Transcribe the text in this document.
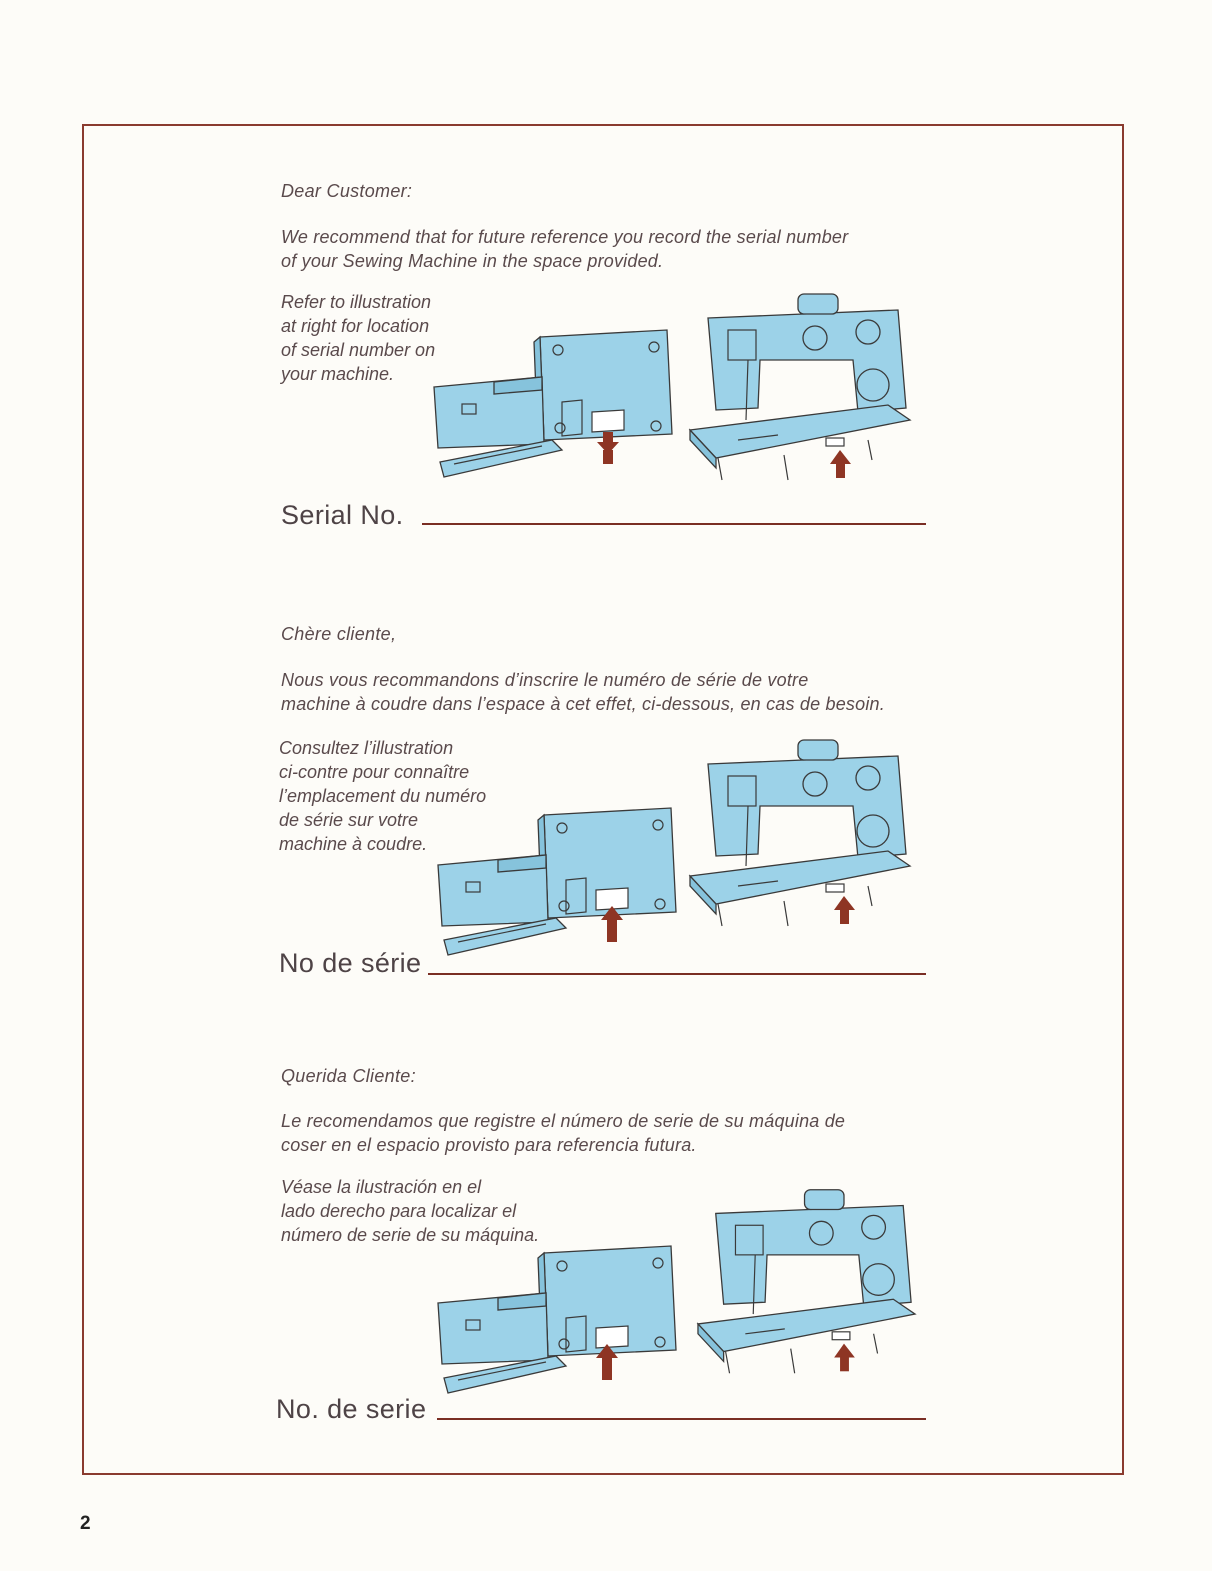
Dear Customer:
We recommend that for future reference you record the serial number
of your Sewing Machine in the space provided.
Refer to illustration
at right for location
of serial number on
your machine.
Serial No.
Chère cliente,
Nous vous recommandons d’inscrire le numéro de série de votre
machine à coudre dans l’espace à cet effet, ci-dessous, en cas de besoin.
Consultez l’illustration
ci-contre pour connaître
l’emplacement du numéro
de série sur votre
machine à coudre.
No de série
Querida Cliente:
Le recomendamos que registre el número de serie de su máquina de
coser en el espacio provisto para referencia futura.
Véase la ilustración en el
lado derecho para localizar el
número de serie de su máquina.
No. de serie
2
